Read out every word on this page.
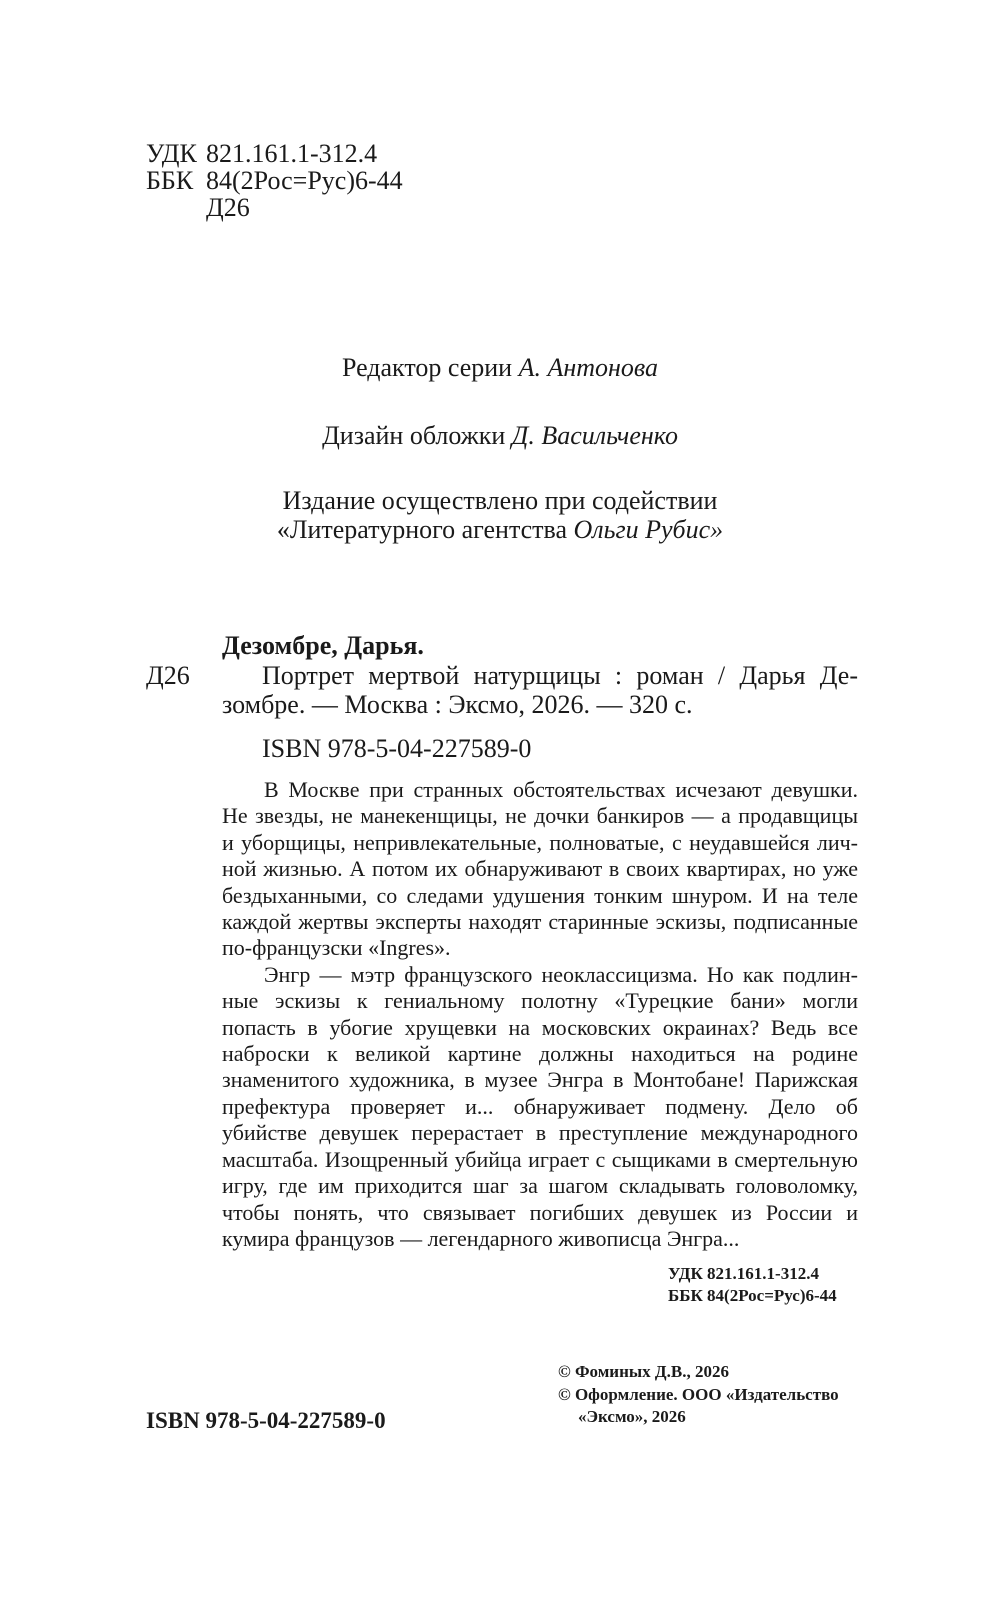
УДК 821.161.1-312.4
ББК 84(2Рос=Рус)6-44
Д26
Редактор серии А. Антонова
Дизайн обложки Д. Васильченко
Издание осуществлено при содействии
«Литературного агентства Ольги Рубис»
Дезомбре, Дарья.
Д26	Портрет мертвой натурщицы : роман / Дарья Де-
зомбре. — Москва : Эксмо, 2026. — 320 с.
ISBN 978-5-04-227589-0

В Москве при странных обстоятельствах исчезают девушки. Не звезды, не манекенщицы, не дочки банкиров — а продавщицы и уборщицы, непривлекательные, полноватые, с неудавшейся личной жизнью. А потом их обнаруживают в своих квартирах, но уже бездыханными, со следами удушения тонким шнуром. И на теле каждой жертвы эксперты находят старинные эскизы, подписанные по-французски «Ingres».

Энгр — мэтр французского неоклассицизма. Но как подлинные эскизы к гениальному полотну «Турецкие бани» могли попасть в убогие хрущевки на московских окраинах? Ведь все наброски к великой картине должны находиться на родине знаменитого художника, в музее Энгра в Монтобане! Парижская префектура проверяет и... обнаруживает подмену. Дело об убийстве девушек перерастает в преступление международного масштаба. Изощренный убийца играет с сыщиками в смертельную игру, где им приходится шаг за шагом складывать головоломку, чтобы понять, что связывает погибших девушек из России и кумира французов — легендарного живописца Энгра...

УДК 821.161.1-312.4
ББК 84(2Рос=Рус)6-44
© Фоминых Д.В., 2026
© Оформление. ООО «Издательство
«Эксмо», 2026
ISBN 978-5-04-227589-0
